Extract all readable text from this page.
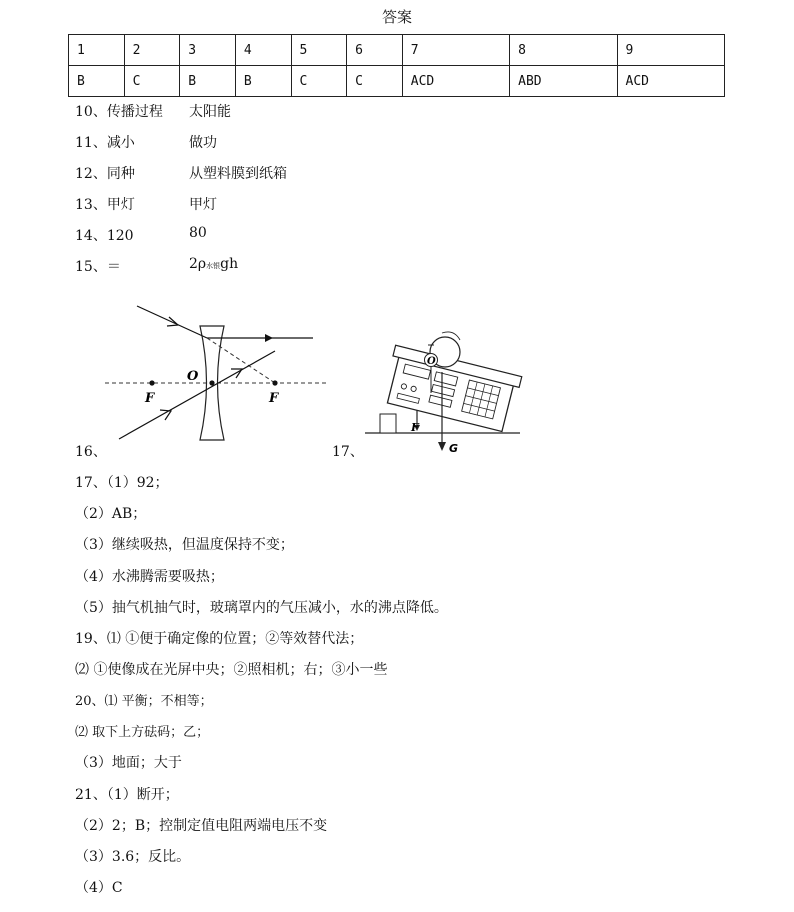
答案
1	2	3	4	5	6	7	8	9
B	C	B	B	C	C	ACD	ABD	ACD
10、传播过程 太阳能
11、减小	做功
12、同种	从塑料膜到纸箱
13、甲灯	甲灯
14、120	80
15、＝	2ρ水银gh
O
F	F
16、
O
F
G
17、
17、（1）92；
（2）AB；
（3）继续吸热，但温度保持不变；
（4）水沸腾需要吸热；
（5）抽气机抽气时，玻璃罩内的气压减小，水的沸点降低。
19、⑴ ①便于确定像的位置；②等效替代法；
⑵ ①使像成在光屏中央；②照相机；右；③小一些
20、⑴ 平衡；不相等；
⑵ 取下上方砝码；乙；
（3）地面；大于
21、（1）断开；
（2）2；B；控制定值电阻两端电压不变
（3）3.6；反比。
（4）C
